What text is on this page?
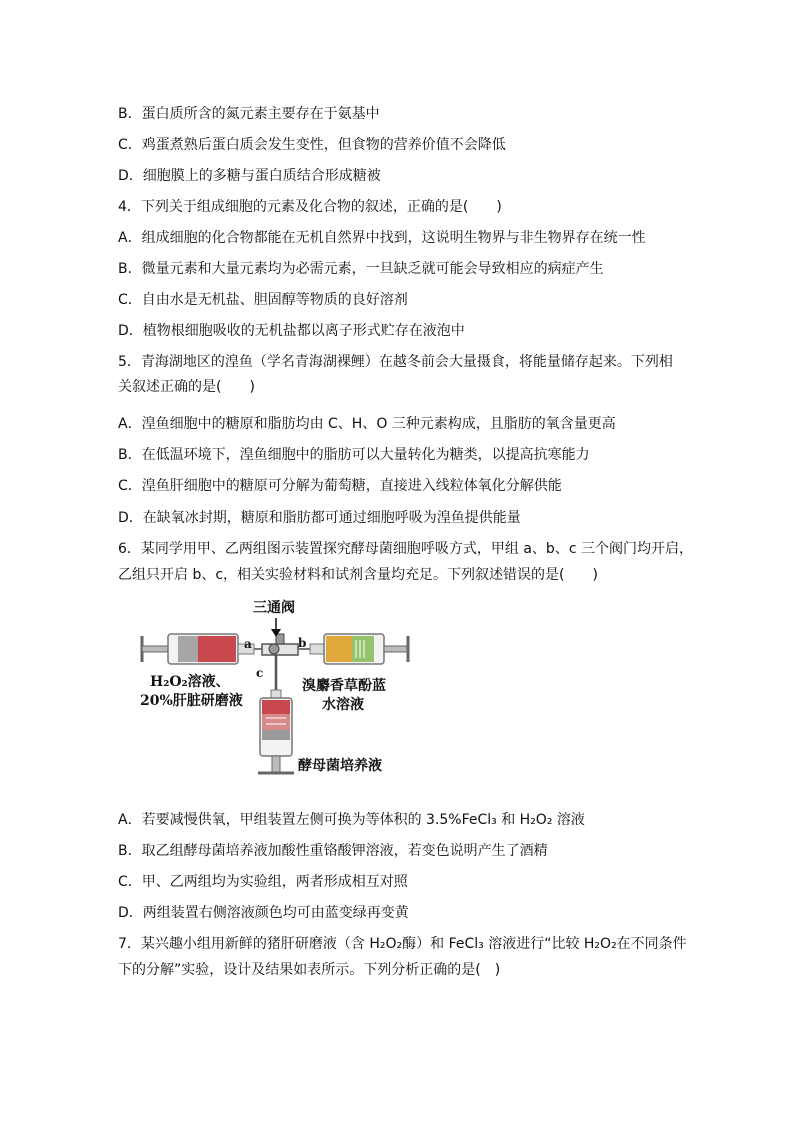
B．蛋白质所含的氮元素主要存在于氨基中
C．鸡蛋煮熟后蛋白质会发生变性，但食物的营养价值不会降低
D．细胞膜上的多糖与蛋白质结合形成糖被
4．下列关于组成细胞的元素及化合物的叙述，正确的是(　　)
A．组成细胞的化合物都能在无机自然界中找到，这说明生物界与非生物界存在统一性
B．微量元素和大量元素均为必需元素，一旦缺乏就可能会导致相应的病症产生
C．自由水是无机盐、胆固醇等物质的良好溶剂
D．植物根细胞吸收的无机盐都以离子形式贮存在液泡中
5．青海湖地区的湟鱼（学名青海湖裸鲤）在越冬前会大量摄食，将能量储存起来。下列相
关叙述正确的是(　　)
A．湟鱼细胞中的糖原和脂肪均由 C、H、O 三种元素构成，且脂肪的氧含量更高
B．在低温环境下，湟鱼细胞中的脂肪可以大量转化为糖类，以提高抗寒能力
C．湟鱼肝细胞中的糖原可分解为葡萄糖，直接进入线粒体氧化分解供能
D．在缺氧冰封期，糖原和脂肪都可通过细胞呼吸为湟鱼提供能量
6．某同学用甲、乙两组图示装置探究酵母菌细胞呼吸方式，甲组 a、b、c 三个阀门均开启，
乙组只开启 b、c，相关实验材料和试剂含量均充足。下列叙述错误的是(　　)
A．若要减慢供氧，甲组装置左侧可换为等体积的 3.5%FeCl₃ 和 H₂O₂ 溶液
B．取乙组酵母菌培养液加酸性重铬酸钾溶液，若变色说明产生了酒精
C．甲、乙两组均为实验组，两者形成相互对照
D．两组装置右侧溶液颜色均可由蓝变绿再变黄
7．某兴趣小组用新鲜的猪肝研磨液（含 H₂O₂酶）和 FeCl₃ 溶液进行“比较 H₂O₂在不同条件
下的分解”实验，设计及结果如表所示。下列分析正确的是(　)
三通阀
a	b
c
H₂O₂溶液、
20%肝脏研磨液
溴麝香草酚蓝
水溶液
酵母菌培养液
